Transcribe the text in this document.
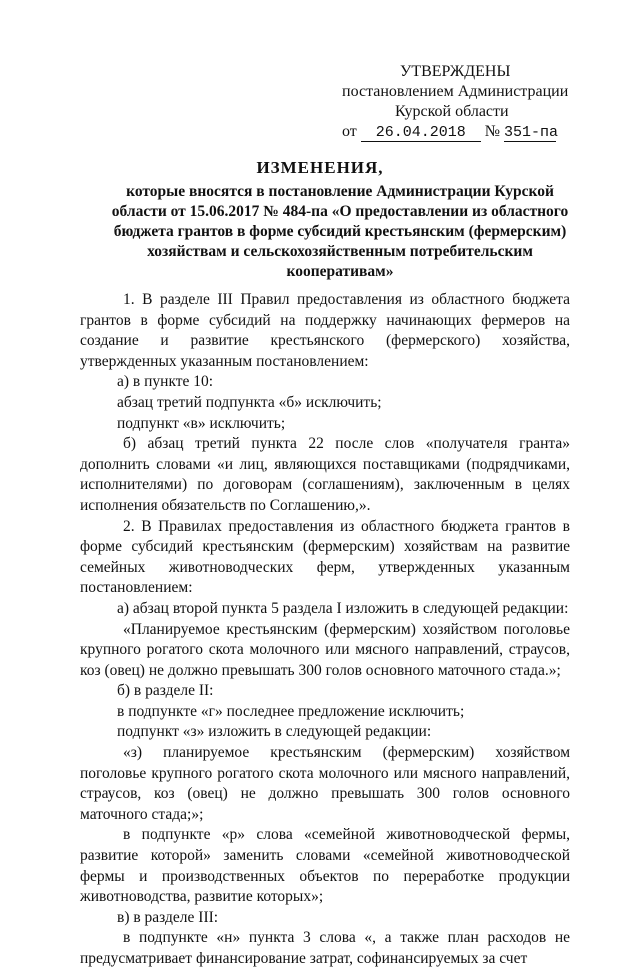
УТВЕРЖДЕНЫ
постановлением Администрации
Курской области
от 26.04.2018 № 351-па
ИЗМЕНЕНИЯ,
которые вносятся в постановление Администрации Курской области от 15.06.2017 № 484-па «О предоставлении из областного бюджета грантов в форме субсидий крестьянским (фермерским) хозяйствам и сельскохозяйственным потребительским кооперативам»

1. В разделе III Правил предоставления из областного бюджета грантов в форме субсидий на поддержку начинающих фермеров на создание и развитие крестьянского (фермерского) хозяйства, утвержденных указанным постановлением:

а) в пункте 10:

абзац третий подпункта «б» исключить;

подпункт «в» исключить;

б) абзац третий пункта 22 после слов «получателя гранта» дополнить словами «и лиц, являющихся поставщиками (подрядчиками, исполнителями) по договорам (соглашениям), заключенным в целях исполнения обязательств по Соглашению,».

2. В Правилах предоставления из областного бюджета грантов в форме субсидий крестьянским (фермерским) хозяйствам на развитие семейных животноводческих ферм, утвержденных указанным постановлением:

а) абзац второй пункта 5 раздела I изложить в следующей редакции:

«Планируемое крестьянским (фермерским) хозяйством поголовье крупного рогатого скота молочного или мясного направлений, страусов, коз (овец) не должно превышать 300 голов основного маточного стада.»;

б) в разделе II:

в подпункте «г» последнее предложение исключить;

подпункт «з» изложить в следующей редакции:

«з) планируемое крестьянским (фермерским) хозяйством поголовье крупного рогатого скота молочного или мясного направлений, страусов, коз (овец) не должно превышать 300 голов основного маточного стада;»;

в подпункте «р» слова «семейной животноводческой фермы, развитие которой» заменить словами «семейной животноводческой фермы и производственных объектов по переработке продукции животноводства, развитие которых»;

в) в разделе III:

в подпункте «н» пункта 3 слова «, а также план расходов не предусматривает финансирование затрат, софинансируемых за счет
